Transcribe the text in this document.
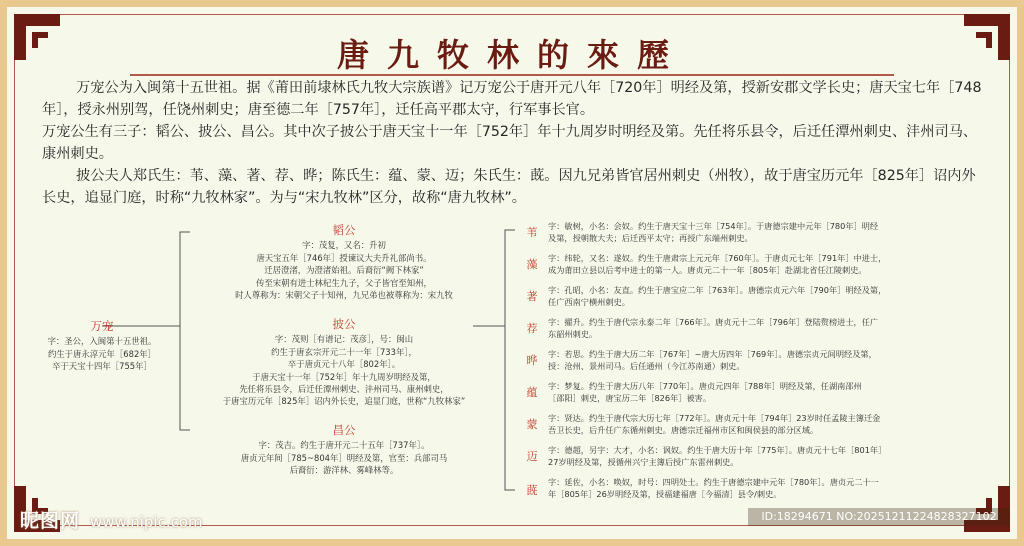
唐九牧林的來歷

万宠公为入闽第十五世祖。据《莆田前埭林氏九牧大宗族谱》记万宠公于唐开元八年［720年］明经及第，授新安郡文学长史；唐天宝七年［748年］，授永州别驾，任饶州刺史；唐至德二年［757年］，迁任高平郡太守，行军事长官。

万宠公生有三子：韬公、披公、昌公。其中次子披公于唐天宝十一年［752年］年十九周岁时明经及第。先任将乐县令，后迁任潭州刺史、沣州司马、康州刺史。

披公夫人郑氏生：苇、藻、著、荐、晔；陈氏生：蕴、蒙、迈；朱氏生：蔇。因九兄弟皆官居州刺史（州牧），故于唐宝历元年［825年］诏内外长史，追显门庭，时称“九牧林家”。为与“宋九牧林”区分，故称“唐九牧林”。

万宠
字：圣公，入闽第十五世祖。
约生于唐永淳元年［682年］
卒于天宝十四年［755年］
韬公
字：茂复，又名：升初
唐天宝五年［746年］授谏议大夫升礼部尚书。
迁居澄渚，为澄渚始祖。后裔衍“阙下林家”
传至宋朝有进士林杞生九子，父子皆官至知州，
时人尊称为：宋朝父子十知州，九兄弟也被尊称为：宋九牧
披公
字：茂则［有谱记：茂彦］，号：闽山
约生于唐玄宗开元二十一年［733年］，
卒于唐贞元十八年［802年］。
于唐天宝十一年［752年］年十九周岁明经及第，
先任将乐县令，后迁任潭州刺史、沣州司马、康州刺史，
于唐宝历元年［825年］诏内外长史，追显门庭，世称“九牧林家”
昌公
字：茂吉。约生于唐开元二十五年［737年］。
唐贞元年间［785~804年］明经及第，官至：兵部司马
后裔衍：游洋林、雾峰林等。
苇	字：敏树，小名：会奴。约生于唐天宝十三年［754年］。于唐德宗建中元年［780年］明经
及第，授朝散大夫；后迁西平太守；再授广东端州刺史。
藻	字：纬轮，又名：遂奴。约生于唐肃宗上元元年［760年］。于唐贞元七年［791年］中进士，
成为莆田立县以后考中进士的第一人。唐贞元二十一年［805年］赴湖北省任江陵刺史。
著	字：孔昭，小名：友直。约生于唐宝应二年［763年］。唐德宗贞元六年［790年］明经及第，
任广西南宁横州刺史。
荐	字：擢升。约生于唐代宗永泰二年［766年］。唐贞元十二年［796年］登陆赘榜进士，任广
东韶州刺史。
晔	字：若思。约生于唐大历二年［767年］~唐大历四年［769年］。唐德宗贞元间明经及第，
授：沧州、景州司马。后任通州（今江苏南通）刺史。
蕴	字：梦复。约生于唐大历八年［770年］。唐贞元四年［788年］明经及第，任湖南邵州
［邵阳］刺史，唐宝历二年［826年］被害。
蒙	字：贤达。约生于唐代宗大历七年［772年］。唐贞元十年［794年］23岁时任孟陵主簿迁金
吾卫长史，后升任广东循州刺史。唐德宗迁福州市区和闽侯县的部分区域。
迈	字：德超，另字：大才，小名：讽奴。约生于唐大历十年［775年］。唐贞元十七年［801年］
27岁明经及第，授循州兴宁主簿后授广东雷州刺史。
蔇
字：延佐，小名：唤奴，时号：四明处士。约生于唐德宗建中元年［780年］。唐贞元二十一
年［805年］26岁明经及第，授福建福唐［今福清］县令/刺史。
昵图网 www.nipic.com	ID:18294671 NO:20251211224828327102
